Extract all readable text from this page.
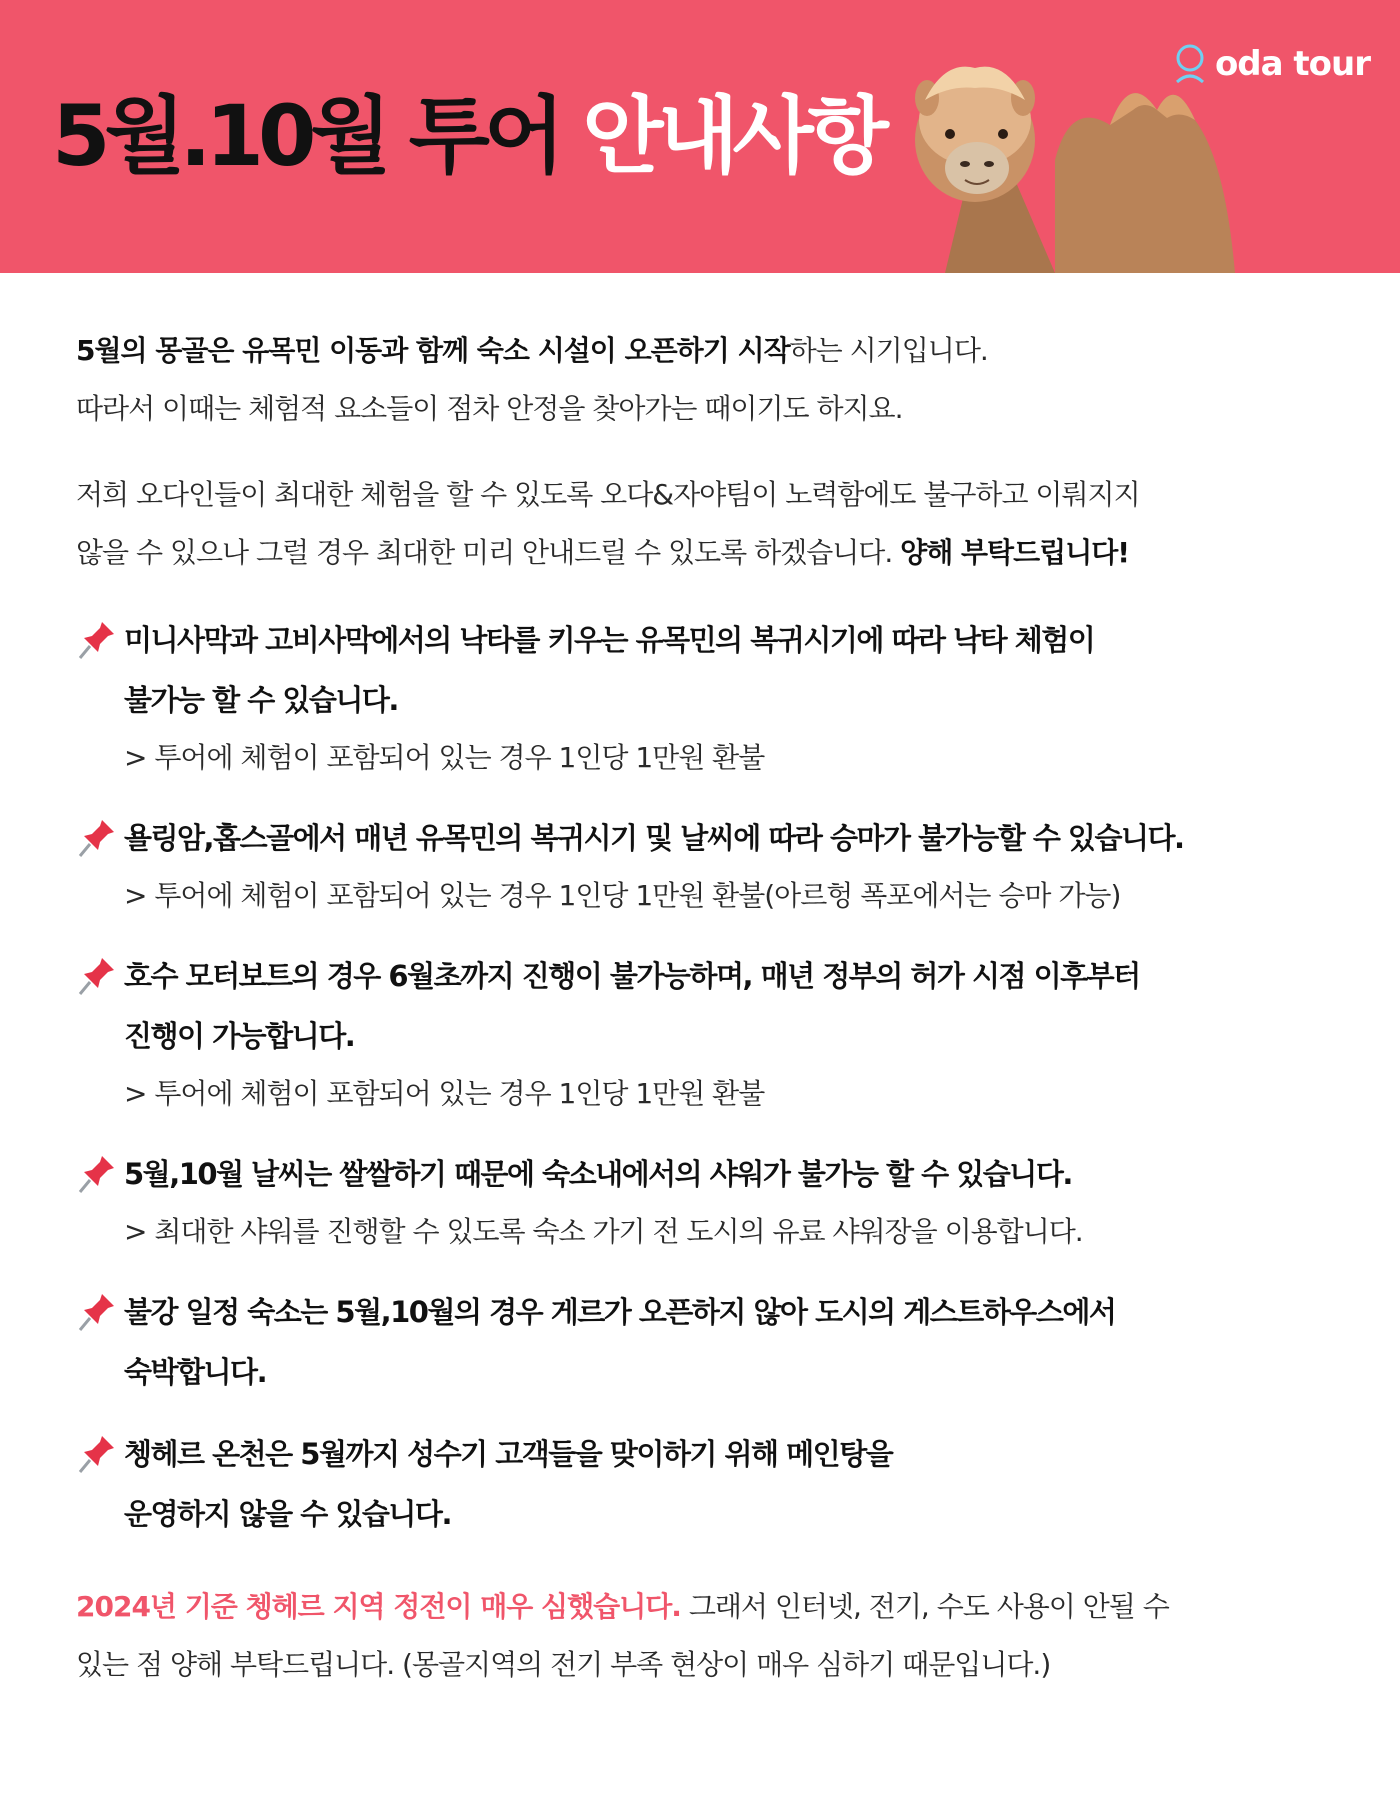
5월.10월 투어 안내사항
oda tour
5월의 몽골은 유목민 이동과 함께 숙소 시설이 오픈하기 시작하는 시기입니다.
따라서 이때는 체험적 요소들이 점차 안정을 찾아가는 때이기도 하지요.
저희 오다인들이 최대한 체험을 할 수 있도록 오다&자야팀이 노력함에도 불구하고 이뤄지지
않을 수 있으나 그럴 경우 최대한 미리 안내드릴 수 있도록 하겠습니다. 양해 부탁드립니다!
미니사막과 고비사막에서의 낙타를 키우는 유목민의 복귀시기에 따라 낙타 체험이
불가능 할 수 있습니다.
> 투어에 체험이 포함되어 있는 경우 1인당 1만원 환불
욜링암,홉스골에서 매년 유목민의 복귀시기 및 날씨에 따라 승마가 불가능할 수 있습니다.
> 투어에 체험이 포함되어 있는 경우 1인당 1만원 환불(아르헝 폭포에서는 승마 가능)
호수 모터보트의 경우 6월초까지 진행이 불가능하며, 매년 정부의 허가 시점 이후부터
진행이 가능합니다.
> 투어에 체험이 포함되어 있는 경우 1인당 1만원 환불
5월,10월 날씨는 쌀쌀하기 때문에 숙소내에서의 샤워가 불가능 할 수 있습니다.
> 최대한 샤워를 진행할 수 있도록 숙소 가기 전 도시의 유료 샤워장을 이용합니다.
불강 일정 숙소는 5월,10월의 경우 게르가 오픈하지 않아 도시의 게스트하우스에서
숙박합니다.
쳉헤르 온천은 5월까지 성수기 고객들을 맞이하기 위해 메인탕을
운영하지 않을 수 있습니다.
2024년 기준 쳉헤르 지역 정전이 매우 심했습니다. 그래서 인터넷, 전기, 수도 사용이 안될 수
있는 점 양해 부탁드립니다. (몽골지역의 전기 부족 현상이 매우 심하기 때문입니다.)
